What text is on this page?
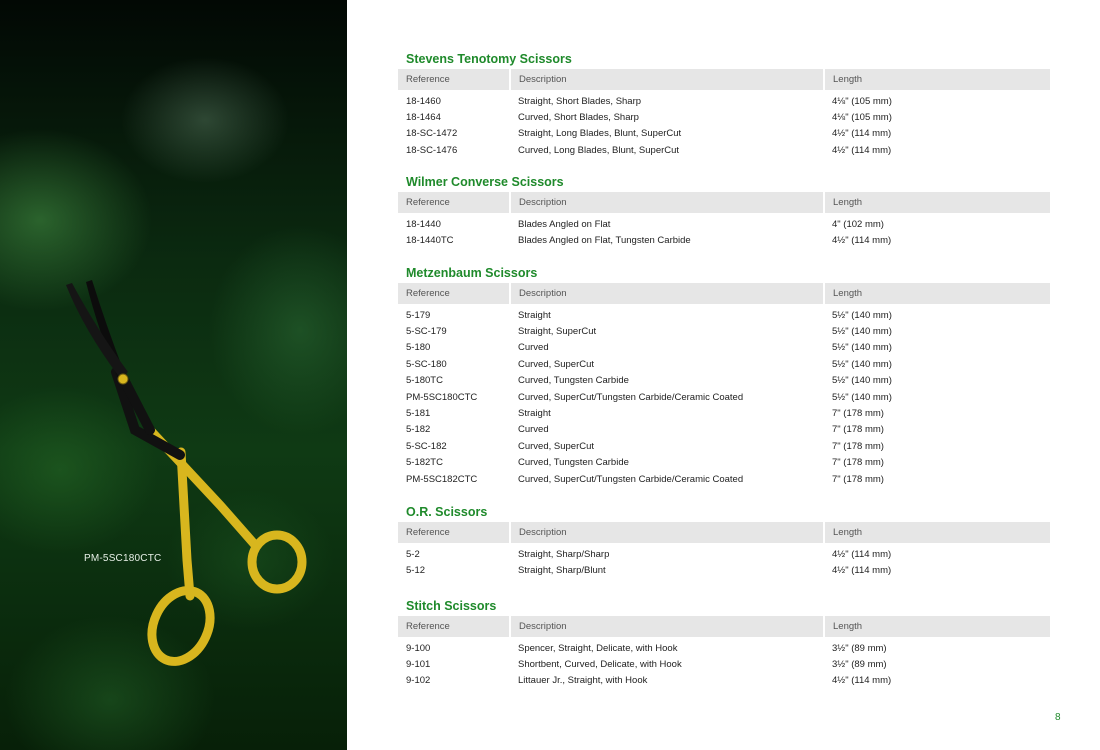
PM-5SC180CTC
Stevens Tenotomy Scissors
Reference	Description	Length
18-1460	Straight, Short Blades, Sharp	4⅛" (105 mm)
18-1464	Curved, Short Blades, Sharp	4⅛" (105 mm)
18-SC-1472	Straight, Long Blades, Blunt, SuperCut	4½" (114 mm)
18-SC-1476	Curved, Long Blades, Blunt, SuperCut	4½" (114 mm)
Wilmer Converse Scissors
Reference	Description	Length
18-1440	Blades Angled on Flat	4" (102 mm)
18-1440TC	Blades Angled on Flat, Tungsten Carbide	4½" (114 mm)
Metzenbaum Scissors
Reference	Description	Length
5-179	Straight	5½" (140 mm)
5-SC-179	Straight, SuperCut	5½" (140 mm)
5-180	Curved	5½" (140 mm)
5-SC-180	Curved, SuperCut	5½" (140 mm)
5-180TC	Curved, Tungsten Carbide	5½" (140 mm)
PM-5SC180CTC	Curved, SuperCut/Tungsten Carbide/Ceramic Coated	5½" (140 mm)
5-181	Straight	7" (178 mm)
5-182	Curved	7" (178 mm)
5-SC-182	Curved, SuperCut	7" (178 mm)
5-182TC	Curved, Tungsten Carbide	7" (178 mm)
PM-5SC182CTC	Curved, SuperCut/Tungsten Carbide/Ceramic Coated	7" (178 mm)
O.R. Scissors
Reference	Description	Length
5-2	Straight, Sharp/Sharp	4½" (114 mm)
5-12	Straight, Sharp/Blunt	4½" (114 mm)
Stitch Scissors
Reference	Description	Length
9-100	Spencer, Straight, Delicate, with Hook	3½" (89 mm)
9-101	Shortbent, Curved, Delicate, with Hook	3½" (89 mm)
9-102	Littauer Jr., Straight, with Hook	4½" (114 mm)
8
